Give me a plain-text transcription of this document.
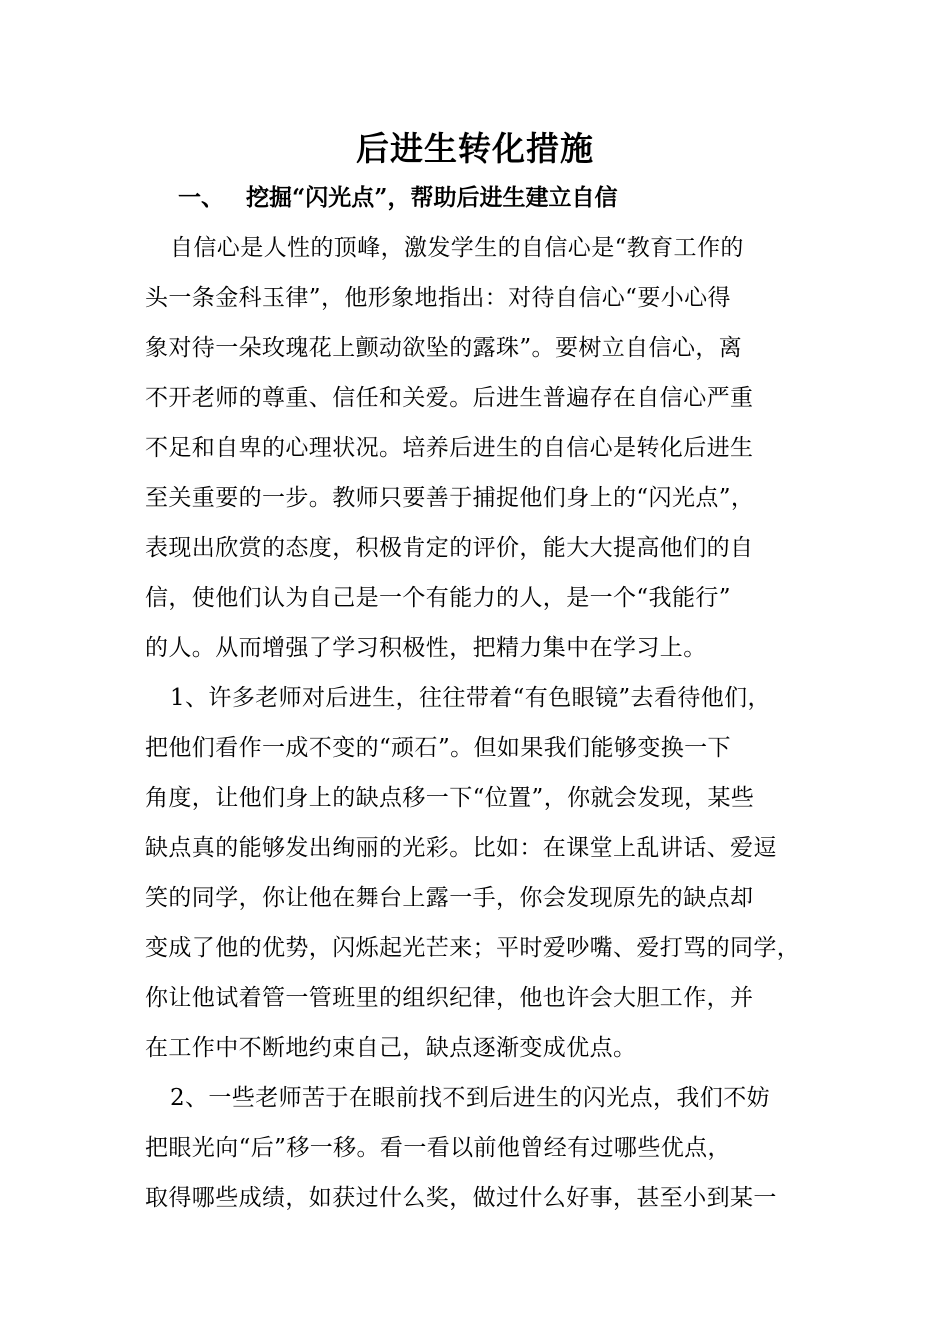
后进生转化措施
一、 挖掘“闪光点”，帮助后进生建立自信
自信心是人性的顶峰，激发学生的自信心是“教育工作的
头一条金科玉律”，他形象地指出：对待自信心“要小心得
象对待一朵玫瑰花上颤动欲坠的露珠”。要树立自信心，离
不开老师的尊重、信任和关爱。后进生普遍存在自信心严重
不足和自卑的心理状况。培养后进生的自信心是转化后进生
至关重要的一步。教师只要善于捕捉他们身上的“闪光点”，
表现出欣赏的态度，积极肯定的评价，能大大提高他们的自
信，使他们认为自己是一个有能力的人，是一个“我能行”
的人。从而增强了学习积极性，把精力集中在学习上。
1、许多老师对后进生，往往带着“有色眼镜”去看待他们，
把他们看作一成不变的“顽石”。但如果我们能够变换一下
角度，让他们身上的缺点移一下“位置”，你就会发现，某些
缺点真的能够发出绚丽的光彩。比如：在课堂上乱讲话、爱逗
笑的同学，你让他在舞台上露一手，你会发现原先的缺点却
变成了他的优势，闪烁起光芒来；平时爱吵嘴、爱打骂的同学，
你让他试着管一管班里的组织纪律，他也许会大胆工作，并
在工作中不断地约束自己，缺点逐渐变成优点。
2、一些老师苦于在眼前找不到后进生的闪光点，我们不妨
把眼光向“后”移一移。看一看以前他曾经有过哪些优点，
取得哪些成绩，如获过什么奖，做过什么好事，甚至小到某一
